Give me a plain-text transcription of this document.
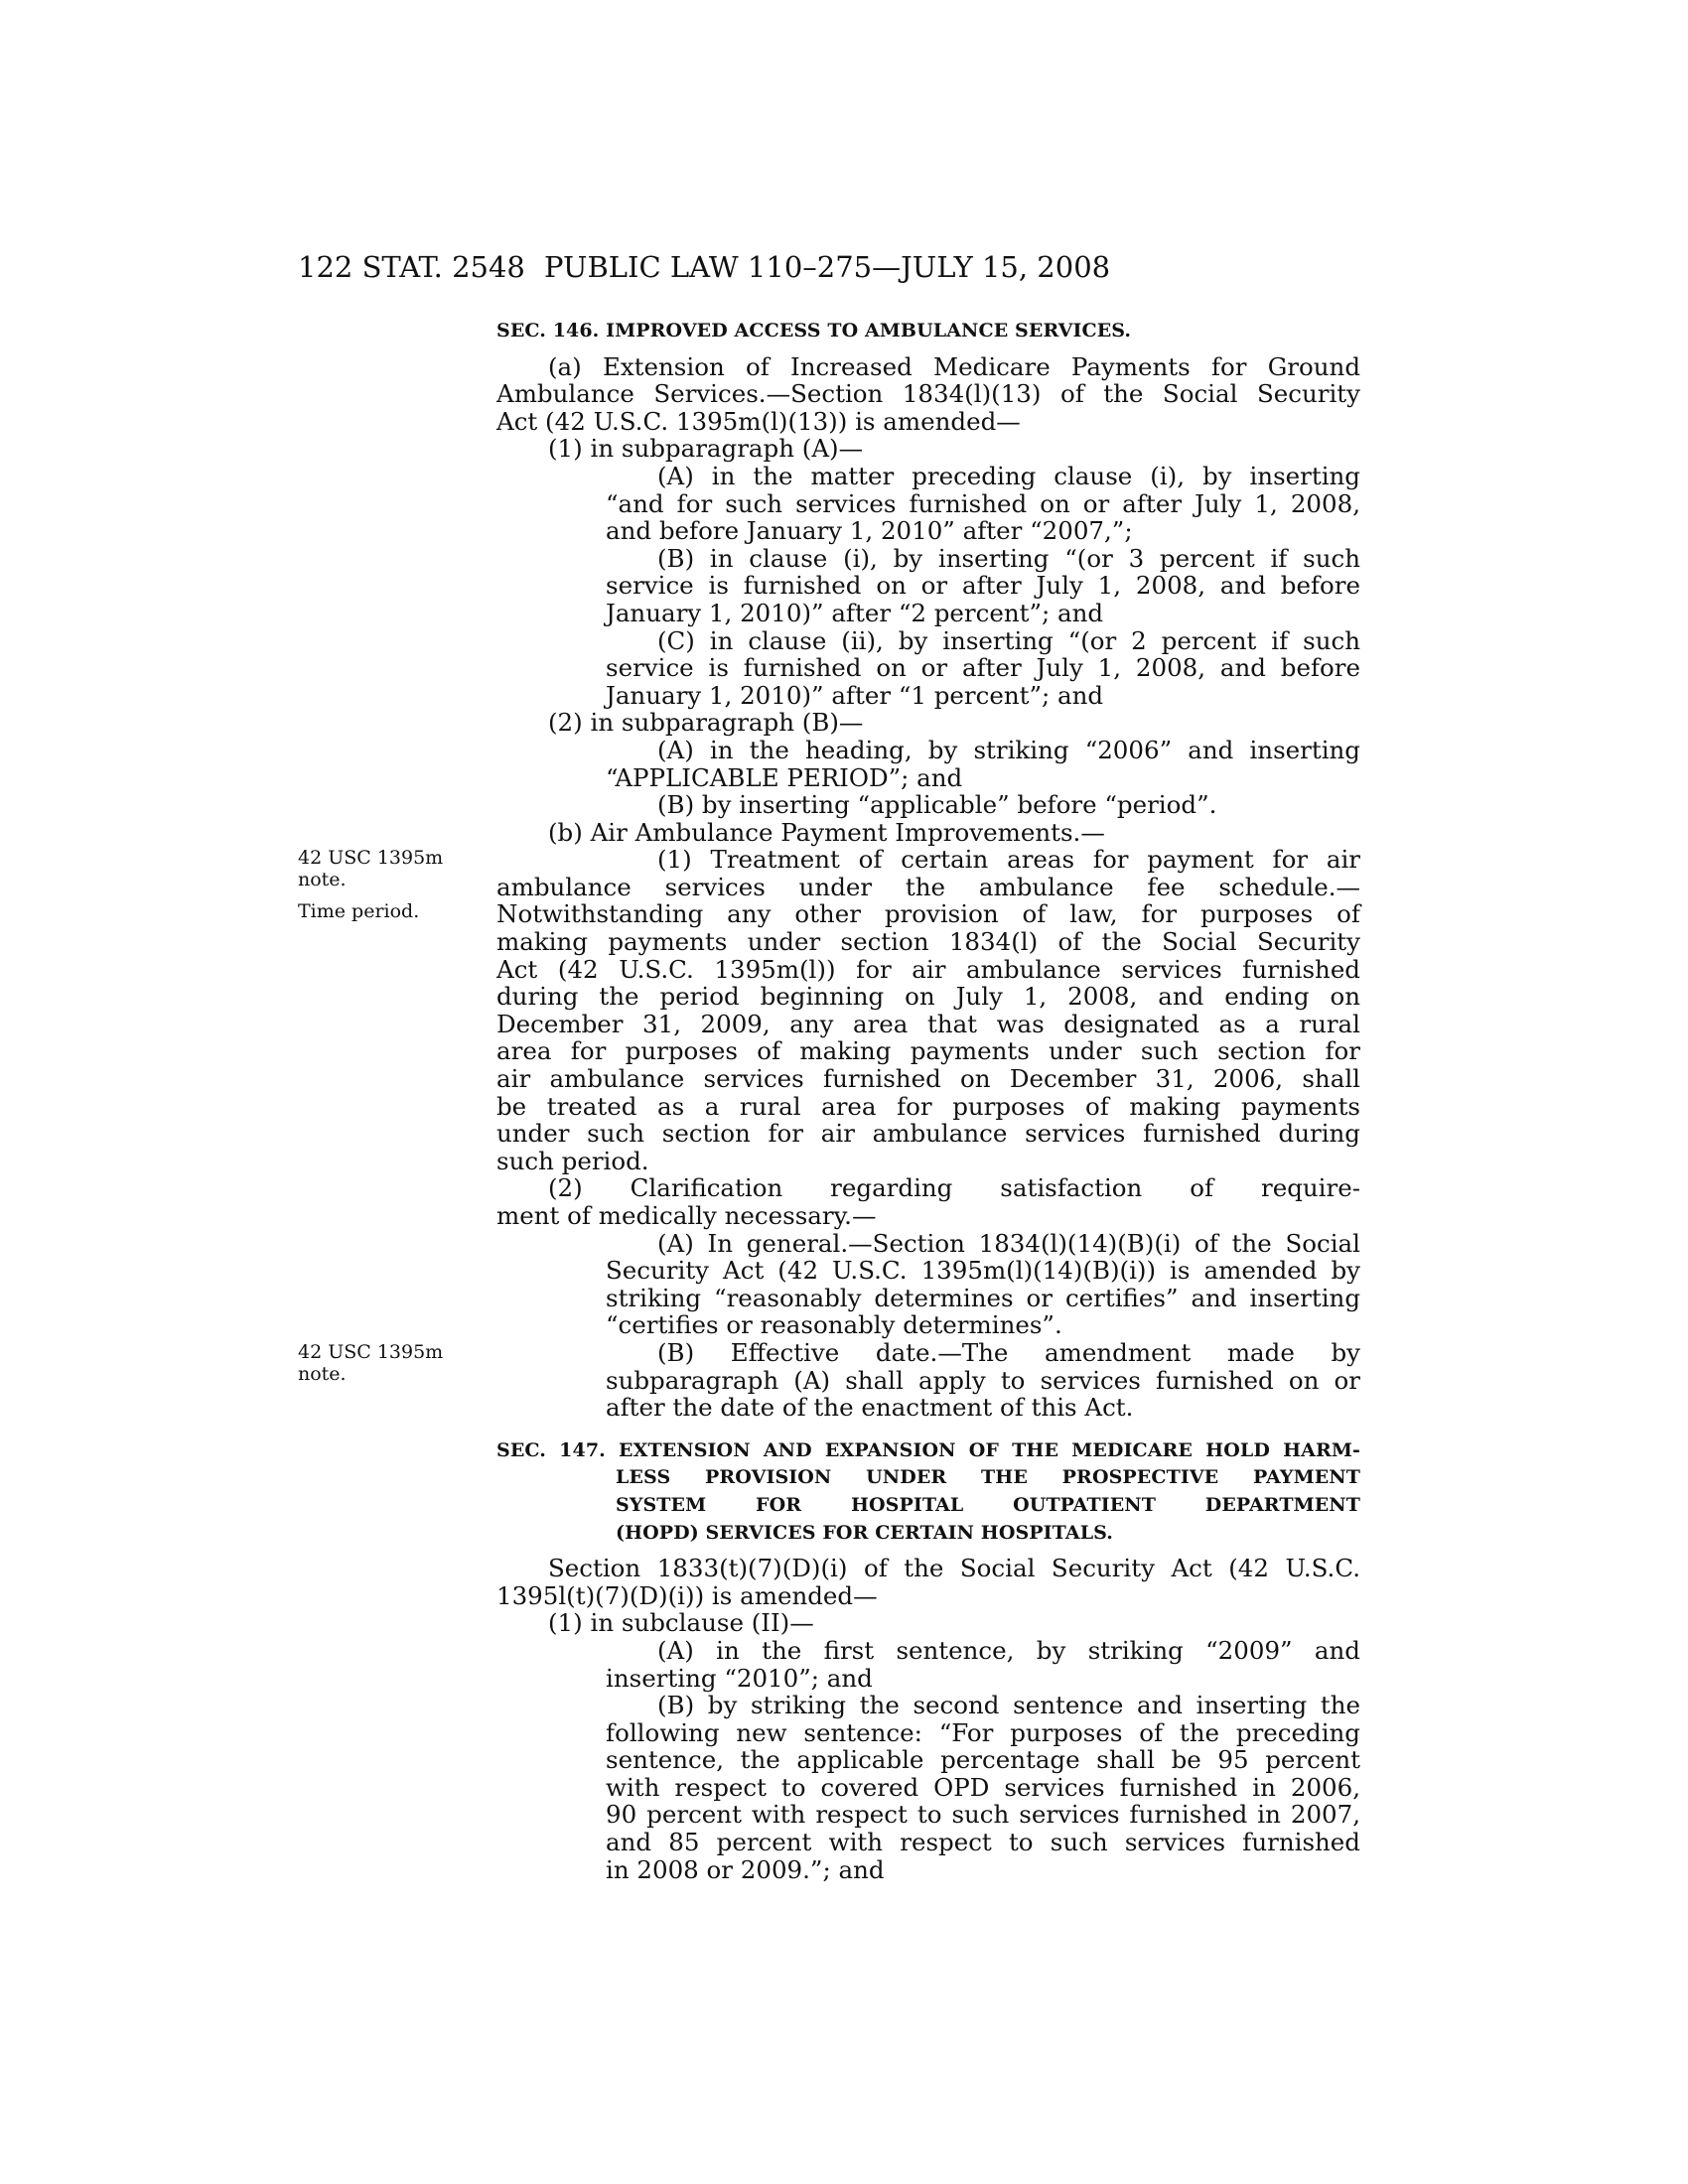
122 STAT. 2548 PUBLIC LAW 110–275—JULY 15, 2008
42 USC 1395m note.
Time period.
42 USC 1395m note.
SEC. 146. IMPROVED ACCESS TO AMBULANCE SERVICES.
(a) Extension of Increased Medicare Payments for Ground
Ambulance Services.—Section 1834(l)(13) of the Social Security
Act (42 U.S.C. 1395m(l)(13)) is amended—
(1) in subparagraph (A)—
(A) in the matter preceding clause (i), by inserting
“and for such services furnished on or after July 1, 2008,
and before January 1, 2010” after “2007,”;
(B) in clause (i), by inserting “(or 3 percent if such
service is furnished on or after July 1, 2008, and before
January 1, 2010)” after “2 percent”; and
(C) in clause (ii), by inserting “(or 2 percent if such
service is furnished on or after July 1, 2008, and before
January 1, 2010)” after “1 percent”; and
(2) in subparagraph (B)—
(A) in the heading, by striking “2006” and inserting
“APPLICABLE PERIOD”; and
(B) by inserting “applicable” before “period”.
(b) Air Ambulance Payment Improvements.—
(1) Treatment of certain areas for payment for air
ambulance services under the ambulance fee schedule.—
Notwithstanding any other provision of law, for purposes of
making payments under section 1834(l) of the Social Security
Act (42 U.S.C. 1395m(l)) for air ambulance services furnished
during the period beginning on July 1, 2008, and ending on
December 31, 2009, any area that was designated as a rural
area for purposes of making payments under such section for
air ambulance services furnished on December 31, 2006, shall
be treated as a rural area for purposes of making payments
under such section for air ambulance services furnished during
such period.
(2) Clarification regarding satisfaction of require-
ment of medically necessary.—
(A) In general.—Section 1834(l)(14)(B)(i) of the Social
Security Act (42 U.S.C. 1395m(l)(14)(B)(i)) is amended by
striking “reasonably determines or certifies” and inserting
“certifies or reasonably determines”.
(B) Effective date.—The amendment made by
subparagraph (A) shall apply to services furnished on or
after the date of the enactment of this Act.
SEC. 147. EXTENSION AND EXPANSION OF THE MEDICARE HOLD HARM-
LESS PROVISION UNDER THE PROSPECTIVE PAYMENT
SYSTEM FOR HOSPITAL OUTPATIENT DEPARTMENT
(HOPD) SERVICES FOR CERTAIN HOSPITALS.
Section 1833(t)(7)(D)(i) of the Social Security Act (42 U.S.C.
1395l(t)(7)(D)(i)) is amended—
(1) in subclause (II)—
(A) in the first sentence, by striking “2009” and
inserting “2010”; and
(B) by striking the second sentence and inserting the
following new sentence: “For purposes of the preceding
sentence, the applicable percentage shall be 95 percent
with respect to covered OPD services furnished in 2006,
90 percent with respect to such services furnished in 2007,
and 85 percent with respect to such services furnished
in 2008 or 2009.”; and
